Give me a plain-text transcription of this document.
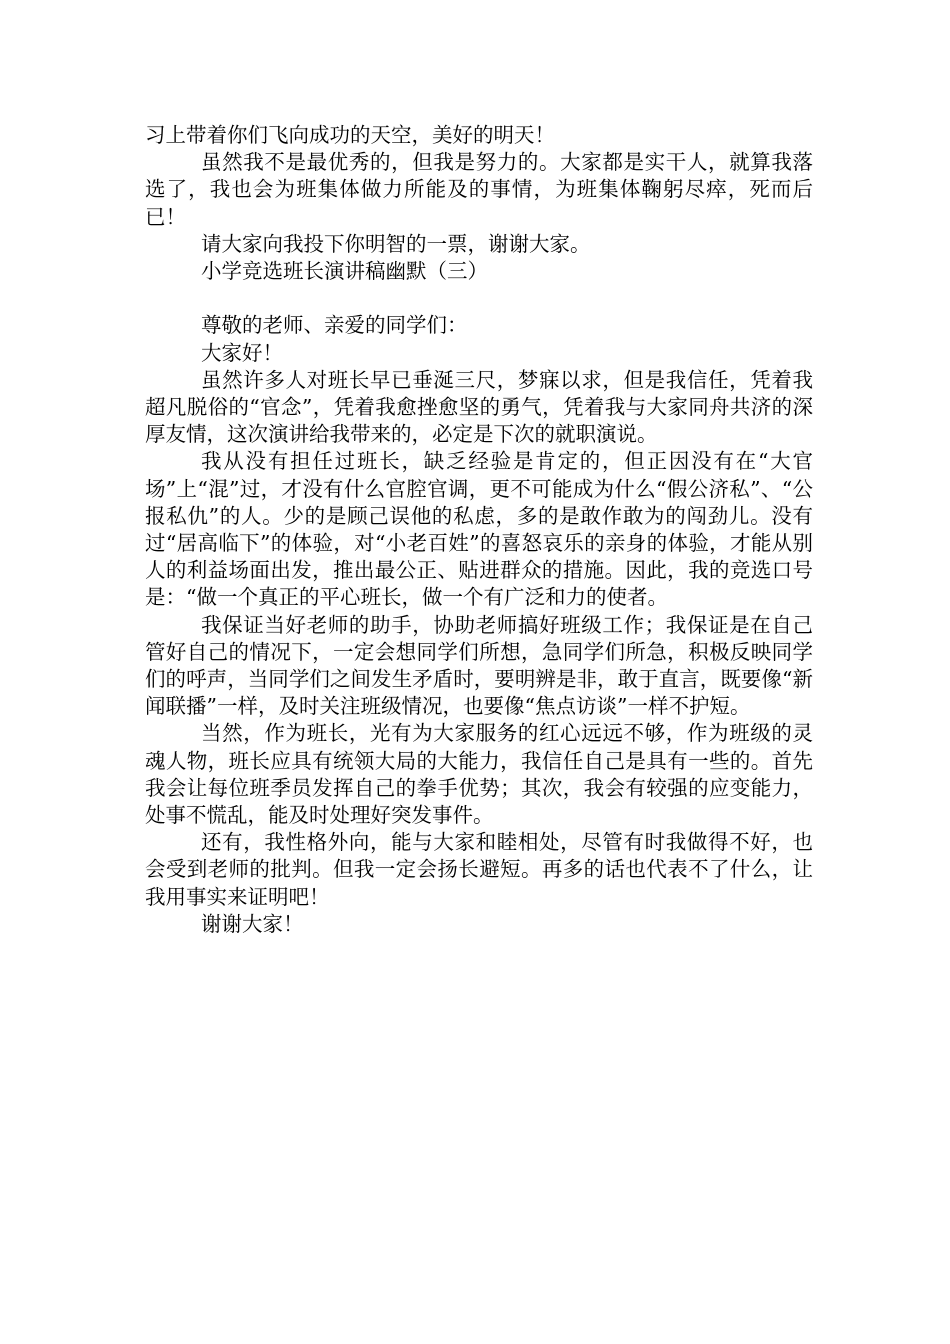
习上带着你们飞向成功的天空，美好的明天！

虽然我不是最优秀的，但我是努力的。大家都是实干人，就算我落选了，我也会为班集体做力所能及的事情，为班集体鞠躬尽瘁，死而后已！

请大家向我投下你明智的一票，谢谢大家。

小学竞选班长演讲稿幽默（三）

尊敬的老师、亲爱的同学们：

大家好！

虽然许多人对班长早已垂涎三尺，梦寐以求，但是我信任，凭着我超凡脱俗的“官念”，凭着我愈挫愈坚的勇气，凭着我与大家同舟共济的深厚友情，这次演讲给我带来的，必定是下次的就职演说。

我从没有担任过班长，缺乏经验是肯定的，但正因没有在“大官场”上“混”过，才没有什么官腔官调，更不可能成为什么“假公济私”、“公报私仇”的人。少的是顾己误他的私虑，多的是敢作敢为的闯劲儿。没有过“居高临下”的体验，对“小老百姓”的喜怒哀乐的亲身的体验，才能从别人的利益场面出发，推出最公正、贴进群众的措施。因此，我的竞选口号是：“做一个真正的平心班长，做一个有广泛和力的使者。

我保证当好老师的助手，协助老师搞好班级工作；我保证是在自己管好自己的情况下，一定会想同学们所想，急同学们所急，积极反映同学们的呼声，当同学们之间发生矛盾时，要明辨是非，敢于直言，既要像“新闻联播”一样，及时关注班级情况，也要像“焦点访谈”一样不护短。

当然，作为班长，光有为大家服务的红心远远不够，作为班级的灵魂人物，班长应具有统领大局的大能力，我信任自己是具有一些的。首先我会让每位班季员发挥自己的拳手优势；其次，我会有较强的应变能力，处事不慌乱，能及时处理好突发事件。

还有，我性格外向，能与大家和睦相处，尽管有时我做得不好，也会受到老师的批判。但我一定会扬长避短。再多的话也代表不了什么，让我用事实来证明吧！

谢谢大家！
